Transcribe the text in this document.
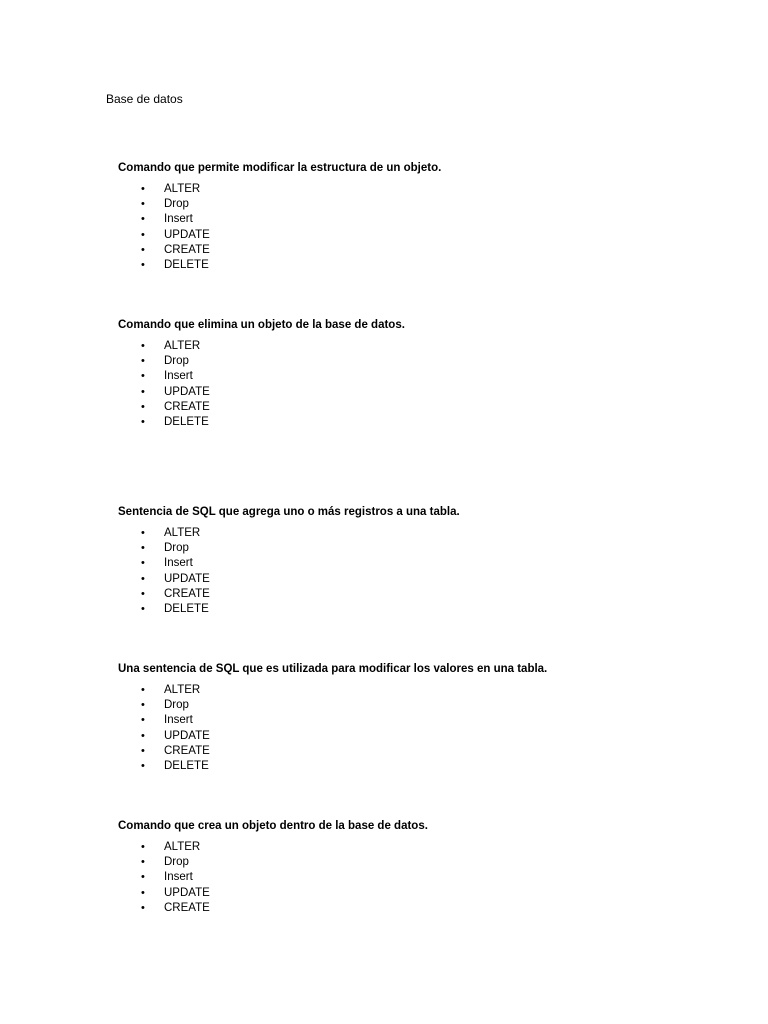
Base de datos

Comando que permite modificar la estructura de un objeto.

• ALTER
• Drop
• Insert
• UPDATE
• CREATE
• DELETE

Comando que elimina un objeto de la base de datos.

• ALTER
• Drop
• Insert
• UPDATE
• CREATE
• DELETE

Sentencia de SQL que agrega uno o más registros a una tabla.

• ALTER
• Drop
• Insert
• UPDATE
• CREATE
• DELETE

Una sentencia de SQL que es utilizada para modificar los valores en una tabla.

• ALTER
• Drop
• Insert
• UPDATE
• CREATE
• DELETE

Comando que crea un objeto dentro de la base de datos.

• ALTER
• Drop
• Insert
• UPDATE
• CREATE
